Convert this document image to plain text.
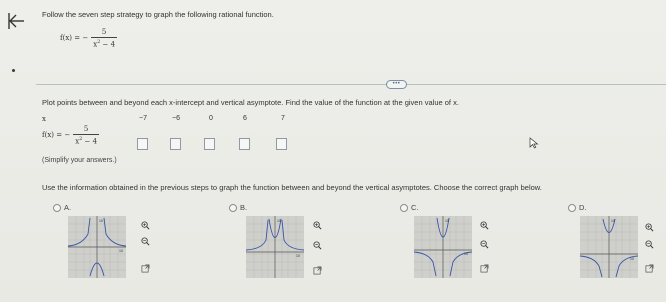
Follow the seven step strategy to graph the following rational function.
f(x) = − $\frac{5}{x^2 - 4}$
•••
Plot points between and beyond each x-intercept and vertical asymptote. Find the value of the function at the given value of x.
x	−7	−6	0	6	7
f(x) = − $\frac{5}{x^2 - 4}$
(Simplify your answers.)
Use the information obtained in the previous steps to graph the function between and beyond the vertical asymptotes. Choose the correct graph below.
A.	B.	C.	D.
10
10
10
10
10
10
10
10
